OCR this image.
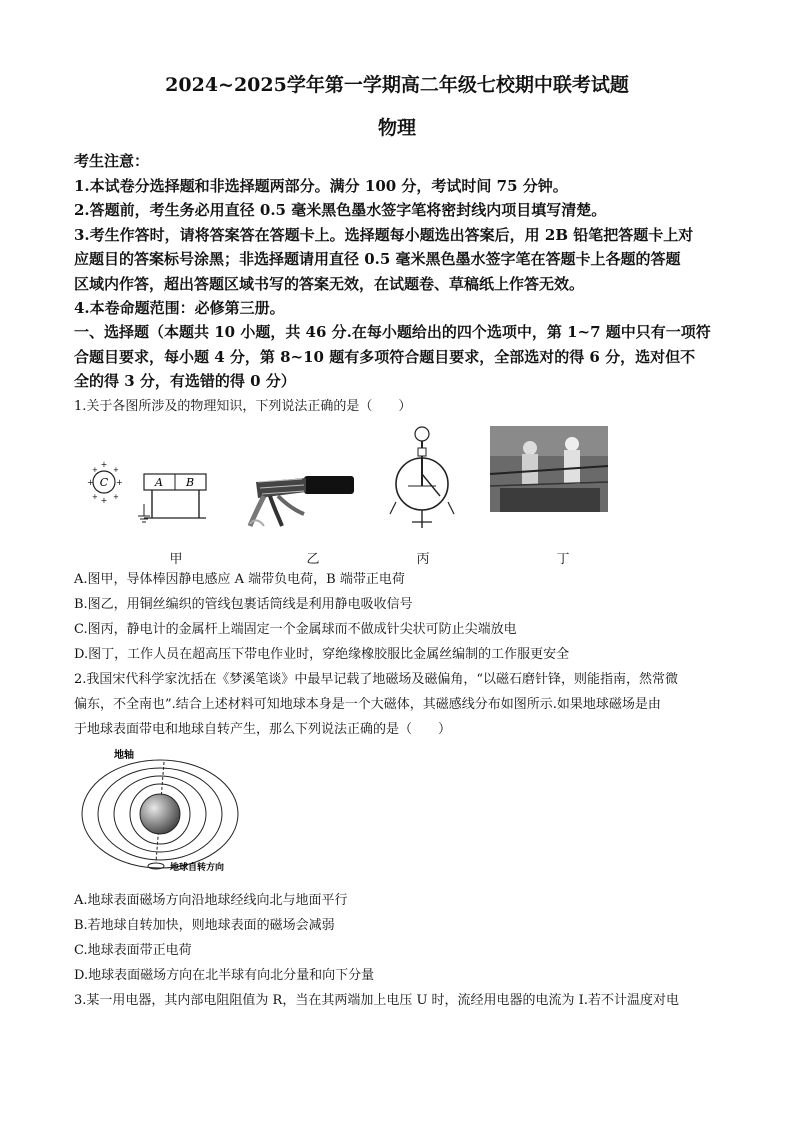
2024~2025学年第一学期高二年级七校期中联考试题
物理

考生注意：

1.本试卷分选择题和非选择题两部分。满分 100 分，考试时间 75 分钟。

2.答题前，考生务必用直径 0.5 毫米黑色墨水签字笔将密封线内项目填写清楚。

3.考生作答时，请将答案答在答题卡上。选择题每小题选出答案后，用 2B 铅笔把答题卡上对

应题目的答案标号涂黑；非选择题请用直径 0.5 毫米黑色墨水签字笔在答题卡上各题的答题

区域内作答，超出答题区域书写的答案无效，在试题卷、草稿纸上作答无效。

4.本卷命题范围：必修第三册。

一、选择题（本题共 10 小题，共 46 分.在每小题给出的四个选项中，第 1~7 题中只有一项符
合题目要求，每小题 4 分，第 8~10 题有多项符合题目要求，全部选对的得 6 分，选对但不
全的得 3 分，有选错的得 0 分）
1.关于各图所涉及的物理知识，下列说法正确的是（　　）
C
+
+	+
+
+ +
+ +
A B
甲	乙	丙	丁

A.图甲，导体棒因静电感应 A 端带负电荷，B 端带正电荷

B.图乙，用铜丝编织的管线包裹话筒线是利用静电吸收信号

C.图丙，静电计的金属杆上端固定一个金属球而不做成针尖状可防止尖端放电

D.图丁，工作人员在超高压下带电作业时，穿绝缘橡胶服比金属丝编制的工作服更安全

2.我国宋代科学家沈括在《梦溪笔谈》中最早记载了地磁场及磁偏角，“以磁石磨针锋，则能指南，然常微

偏东，不全南也”.结合上述材料可知地球本身是一个大磁体，其磁感线分布如图所示.如果地球磁场是由

于地球表面带电和地球自转产生，那么下列说法正确的是（　　）

地轴
地球自转方向

A.地球表面磁场方向沿地球经线向北与地面平行

B.若地球自转加快，则地球表面的磁场会减弱

C.地球表面带正电荷

D.地球表面磁场方向在北半球有向北分量和向下分量

3.某一用电器，其内部电阻阻值为 R，当在其两端加上电压 U 时，流经用电器的电流为 I.若不计温度对电
